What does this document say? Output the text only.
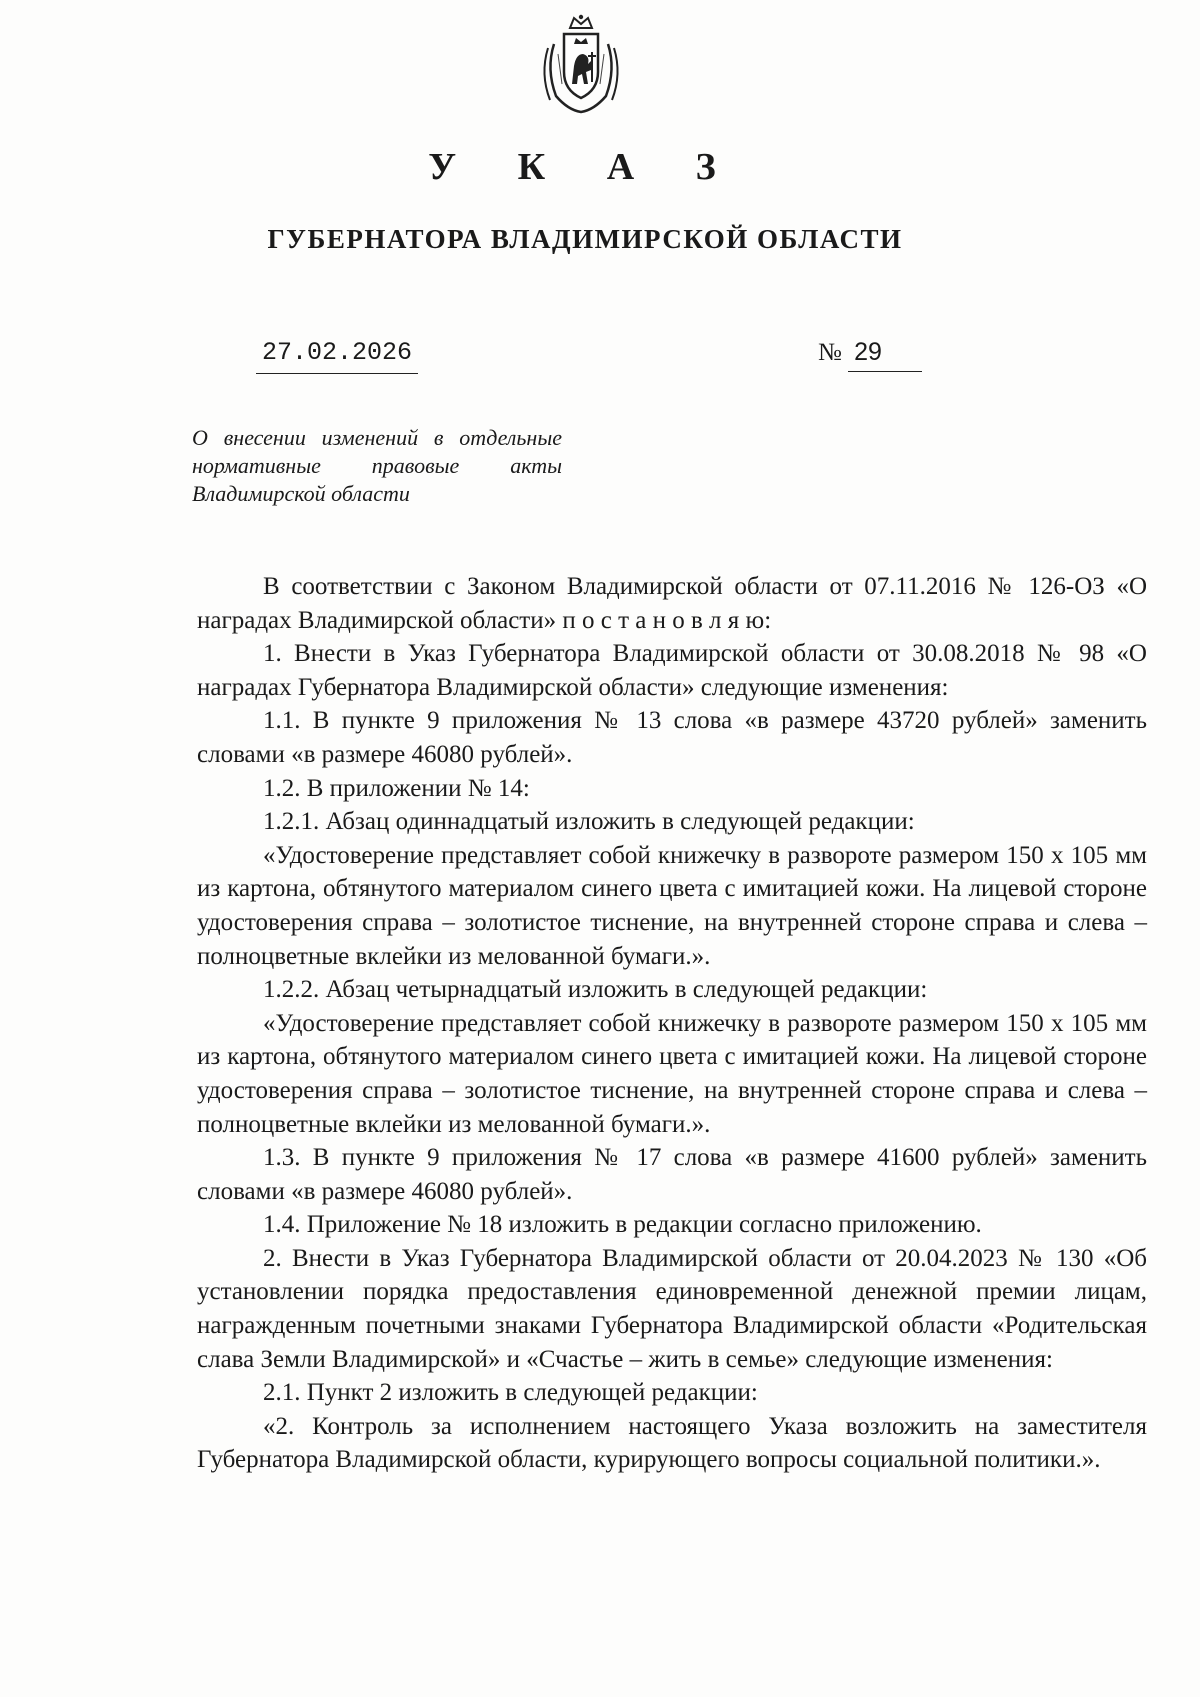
У К А З
ГУБЕРНАТОРА ВЛАДИМИРСКОЙ ОБЛАСТИ
27.02.2026	№ 29
О внесении изменений в отдельные
нормативные правовые акты
Владимирской области

В соответствии с Законом Владимирской области от 07.11.2016 № 126-ОЗ «О наградах Владимирской области» п о с т а н о в л я ю:

1. Внести в Указ Губернатора Владимирской области от 30.08.2018 № 98 «О наградах Губернатора Владимирской области» следующие изменения:

1.1. В пункте 9 приложения № 13 слова «в размере 43720 рублей» заменить словами «в размере 46080 рублей».

1.2. В приложении № 14:

1.2.1. Абзац одиннадцатый изложить в следующей редакции:

«Удостоверение представляет собой книжечку в развороте размером 150 х 105 мм из картона, обтянутого материалом синего цвета с имитацией кожи. На лицевой стороне удостоверения справа – золотистое тиснение, на внутренней стороне справа и слева – полноцветные вклейки из мелованной бумаги.».

1.2.2. Абзац четырнадцатый изложить в следующей редакции:

«Удостоверение представляет собой книжечку в развороте размером 150 х 105 мм из картона, обтянутого материалом синего цвета с имитацией кожи. На лицевой стороне удостоверения справа – золотистое тиснение, на внутренней стороне справа и слева – полноцветные вклейки из мелованной бумаги.».

1.3. В пункте 9 приложения № 17 слова «в размере 41600 рублей» заменить словами «в размере 46080 рублей».

1.4. Приложение № 18 изложить в редакции согласно приложению.

2. Внести в Указ Губернатора Владимирской области от 20.04.2023 № 130 «Об установлении порядка предоставления единовременной денежной премии лицам, награжденным почетными знаками Губернатора Владимирской области «Родительская слава Земли Владимирской» и «Счастье – жить в семье» следующие изменения:

2.1. Пункт 2 изложить в следующей редакции:

«2. Контроль за исполнением настоящего Указа возложить на заместителя Губернатора Владимирской области, курирующего вопросы социальной политики.».
